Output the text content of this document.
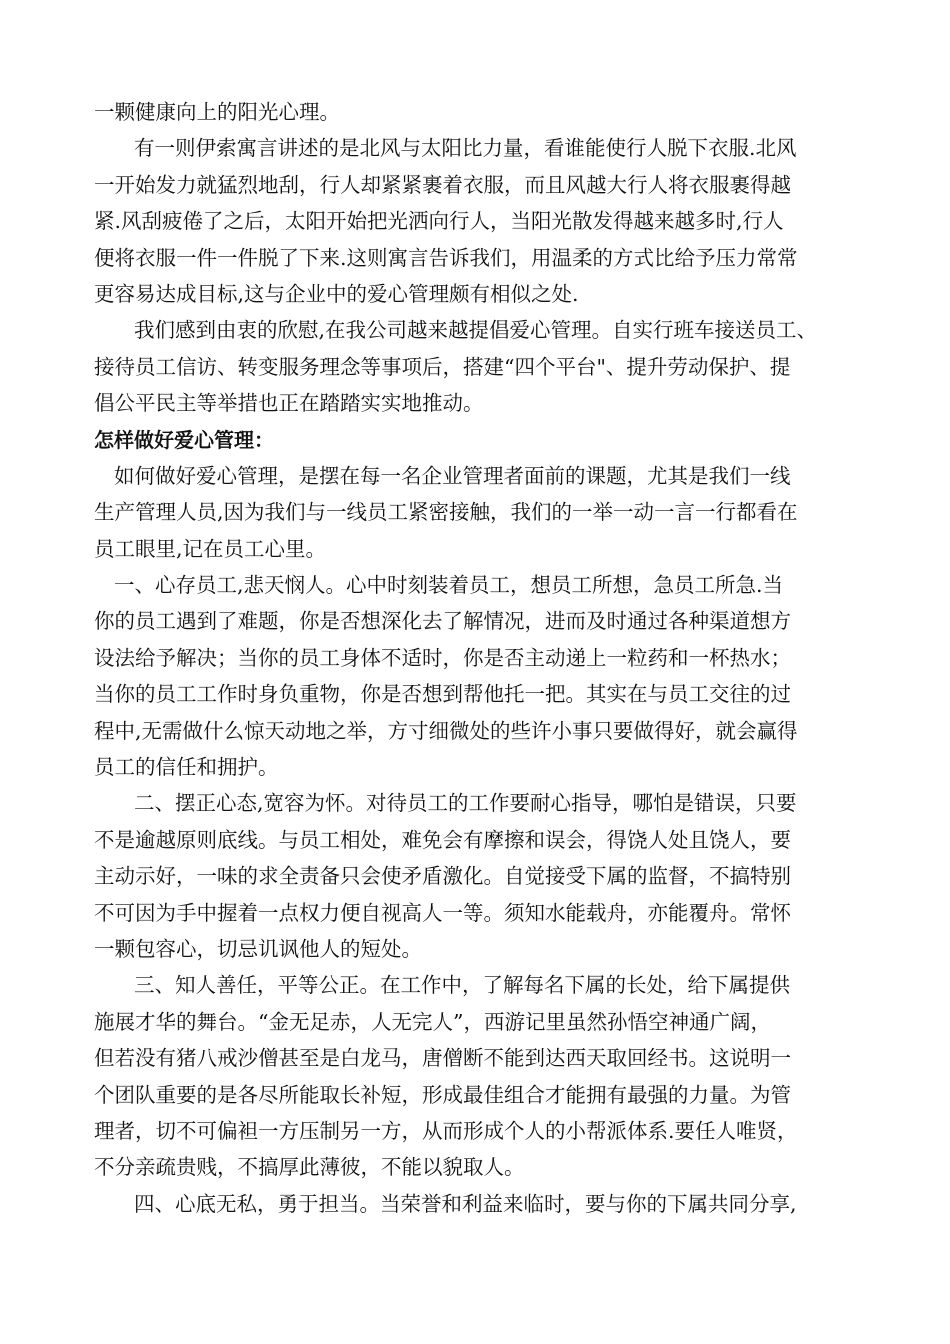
一颗健康向上的阳光心理。
有一则伊索寓言讲述的是北风与太阳比力量，看谁能使行人脱下衣服.北风
一开始发力就猛烈地刮，行人却紧紧裹着衣服，而且风越大行人将衣服裹得越
紧.风刮疲倦了之后，太阳开始把光洒向行人，当阳光散发得越来越多时,行人
便将衣服一件一件脱了下来.这则寓言告诉我们，用温柔的方式比给予压力常常
更容易达成目标,这与企业中的爱心管理颇有相似之处.
我们感到由衷的欣慰,在我公司越来越提倡爱心管理。自实行班车接送员工、
接待员工信访、转变服务理念等事项后，搭建“四个平台"、提升劳动保护、提
倡公平民主等举措也正在踏踏实实地推动。
怎样做好爱心管理：
如何做好爱心管理，是摆在每一名企业管理者面前的课题，尤其是我们一线
生产管理人员,因为我们与一线员工紧密接触，我们的一举一动一言一行都看在
员工眼里,记在员工心里。
一、心存员工,悲天悯人。心中时刻装着员工，想员工所想，急员工所急.当
你的员工遇到了难题，你是否想深化去了解情况，进而及时通过各种渠道想方
设法给予解决；当你的员工身体不适时，你是否主动递上一粒药和一杯热水；
当你的员工工作时身负重物，你是否想到帮他托一把。其实在与员工交往的过
程中,无需做什么惊天动地之举，方寸细微处的些许小事只要做得好，就会赢得
员工的信任和拥护。
二、摆正心态,宽容为怀。对待员工的工作要耐心指导，哪怕是错误，只要
不是逾越原则底线。与员工相处，难免会有摩擦和误会，得饶人处且饶人，要
主动示好，一味的求全责备只会使矛盾激化。自觉接受下属的监督，不搞特别
不可因为手中握着一点权力便自视高人一等。须知水能载舟，亦能覆舟。常怀
一颗包容心，切忌讥讽他人的短处。
三、知人善任，平等公正。在工作中，了解每名下属的长处，给下属提供
施展才华的舞台。“金无足赤，人无完人”，西游记里虽然孙悟空神通广阔，
但若没有猪八戒沙僧甚至是白龙马，唐僧断不能到达西天取回经书。这说明一
个团队重要的是各尽所能取长补短，形成最佳组合才能拥有最强的力量。为管
理者，切不可偏袒一方压制另一方，从而形成个人的小帮派体系.要任人唯贤，
不分亲疏贵贱，不搞厚此薄彼，不能以貌取人。
四、心底无私，勇于担当。当荣誉和利益来临时，要与你的下属共同分享,
